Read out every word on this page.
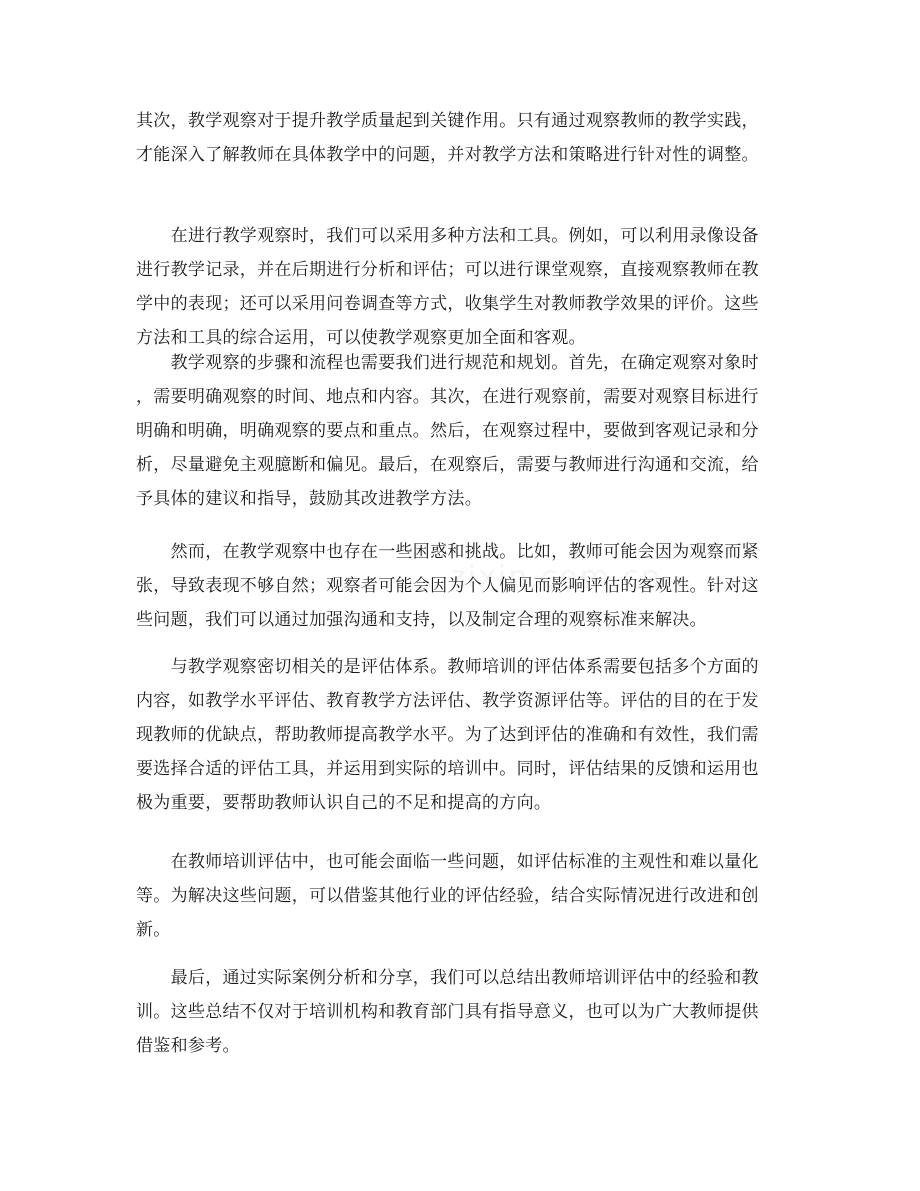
其次，教学观察对于提升教学质量起到关键作用。只有通过观察教师的教学实践，
才能深入了解教师在具体教学中的问题，并对教学方法和策略进行针对性的调整。
　　在进行教学观察时，我们可以采用多种方法和工具。例如，可以利用录像设备
进行教学记录，并在后期进行分析和评估；可以进行课堂观察，直接观察教师在教
学中的表现；还可以采用问卷调查等方式，收集学生对教师教学效果的评价。这些
方法和工具的综合运用，可以使教学观察更加全面和客观。
　　教学观察的步骤和流程也需要我们进行规范和规划。首先，在确定观察对象时
，需要明确观察的时间、地点和内容。其次，在进行观察前，需要对观察目标进行
明确和明确，明确观察的要点和重点。然后，在观察过程中，要做到客观记录和分
析，尽量避免主观臆断和偏见。最后，在观察后，需要与教师进行沟通和交流，给
予具体的建议和指导，鼓励其改进教学方法。
　　然而，在教学观察中也存在一些困惑和挑战。比如，教师可能会因为观察而紧
张，导致表现不够自然；观察者可能会因为个人偏见而影响评估的客观性。针对这
些问题，我们可以通过加强沟通和支持，以及制定合理的观察标准来解决。
　　与教学观察密切相关的是评估体系。教师培训的评估体系需要包括多个方面的
内容，如教学水平评估、教育教学方法评估、教学资源评估等。评估的目的在于发
现教师的优缺点，帮助教师提高教学水平。为了达到评估的准确和有效性，我们需
要选择合适的评估工具，并运用到实际的培训中。同时，评估结果的反馈和运用也
极为重要，要帮助教师认识自己的不足和提高的方向。
　　在教师培训评估中，也可能会面临一些问题，如评估标准的主观性和难以量化
等。为解决这些问题，可以借鉴其他行业的评估经验，结合实际情况进行改进和创
新。
　　最后，通过实际案例分析和分享，我们可以总结出教师培训评估中的经验和教
训。这些总结不仅对于培训机构和教育部门具有指导意义，也可以为广大教师提供
借鉴和参考。
